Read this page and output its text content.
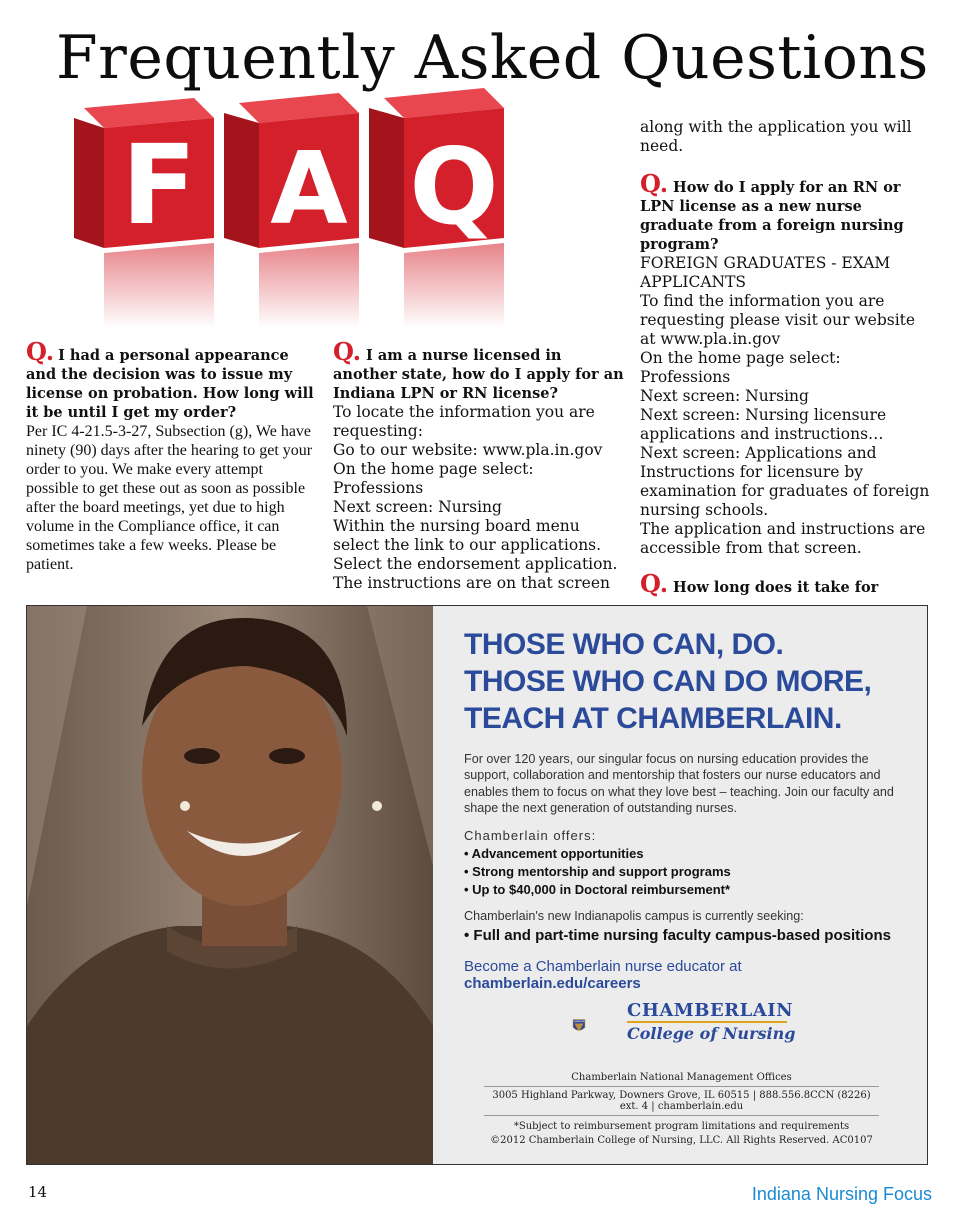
Frequently Asked Questions
F A Q

Q. I had a personal appearance and the decision was to issue my license on probation. How long will it be until I get my order?

Per IC 4-21.5-3-27, Subsection (g), We have ninety (90) days after the hearing to get your order to you. We make every attempt possible to get these out as soon as possible after the board meetings, yet due to high volume in the Compliance office, it can sometimes take a few weeks. Please be patient.

Q. I am a nurse licensed in another state, how do I apply for an Indiana LPN or RN license?

To locate the information you are requesting:
Go to our website: www.pla.in.gov
On the home page select: Professions
Next screen: Nursing
Within the nursing board menu select the link to our applications.
Select the endorsement application.
The instructions are on that screen

along with the application you will need.

Q. How do I apply for an RN or LPN license as a new nurse graduate from a foreign nursing program?

FOREIGN GRADUATES - EXAM APPLICANTS
To find the information you are requesting please visit our website at www.pla.in.gov
On the home page select: Professions
Next screen: Nursing
Next screen: Nursing licensure applications and instructions…
Next screen: Applications and Instructions for licensure by examination for graduates of foreign nursing schools.
The application and instructions are accessible from that screen.

Q. How long does it take for

THOSE WHO CAN, DO.

THOSE WHO CAN DO MORE,

TEACH AT CHAMBERLAIN.

For over 120 years, our singular focus on nursing education provides the support, collaboration and mentorship that fosters our nurse educators and enables them to focus on what they love best – teaching. Join our faculty and shape the next generation of outstanding nurses.

Chamberlain offers:

• Advancement opportunities
• Strong mentorship and support programs
• Up to $40,000 in Doctoral reimbursement*
Chamberlain's new Indianapolis campus is currently seeking:
• Full and part-time nursing faculty campus-based positions
Become a Chamberlain nurse educator at chamberlain.edu/careers
CHAMBERLAIN
CHAMBERLAIN
College of Nursing
Chamberlain National Management Offices
3005 Highland Parkway, Downers Grove, IL 60515 | 888.556.8CCN (8226) ext. 4 | chamberlain.edu
*Subject to reimbursement program limitations and requirements
©2012 Chamberlain College of Nursing, LLC. All Rights Reserved. AC0107
14	Indiana Nursing Focus
